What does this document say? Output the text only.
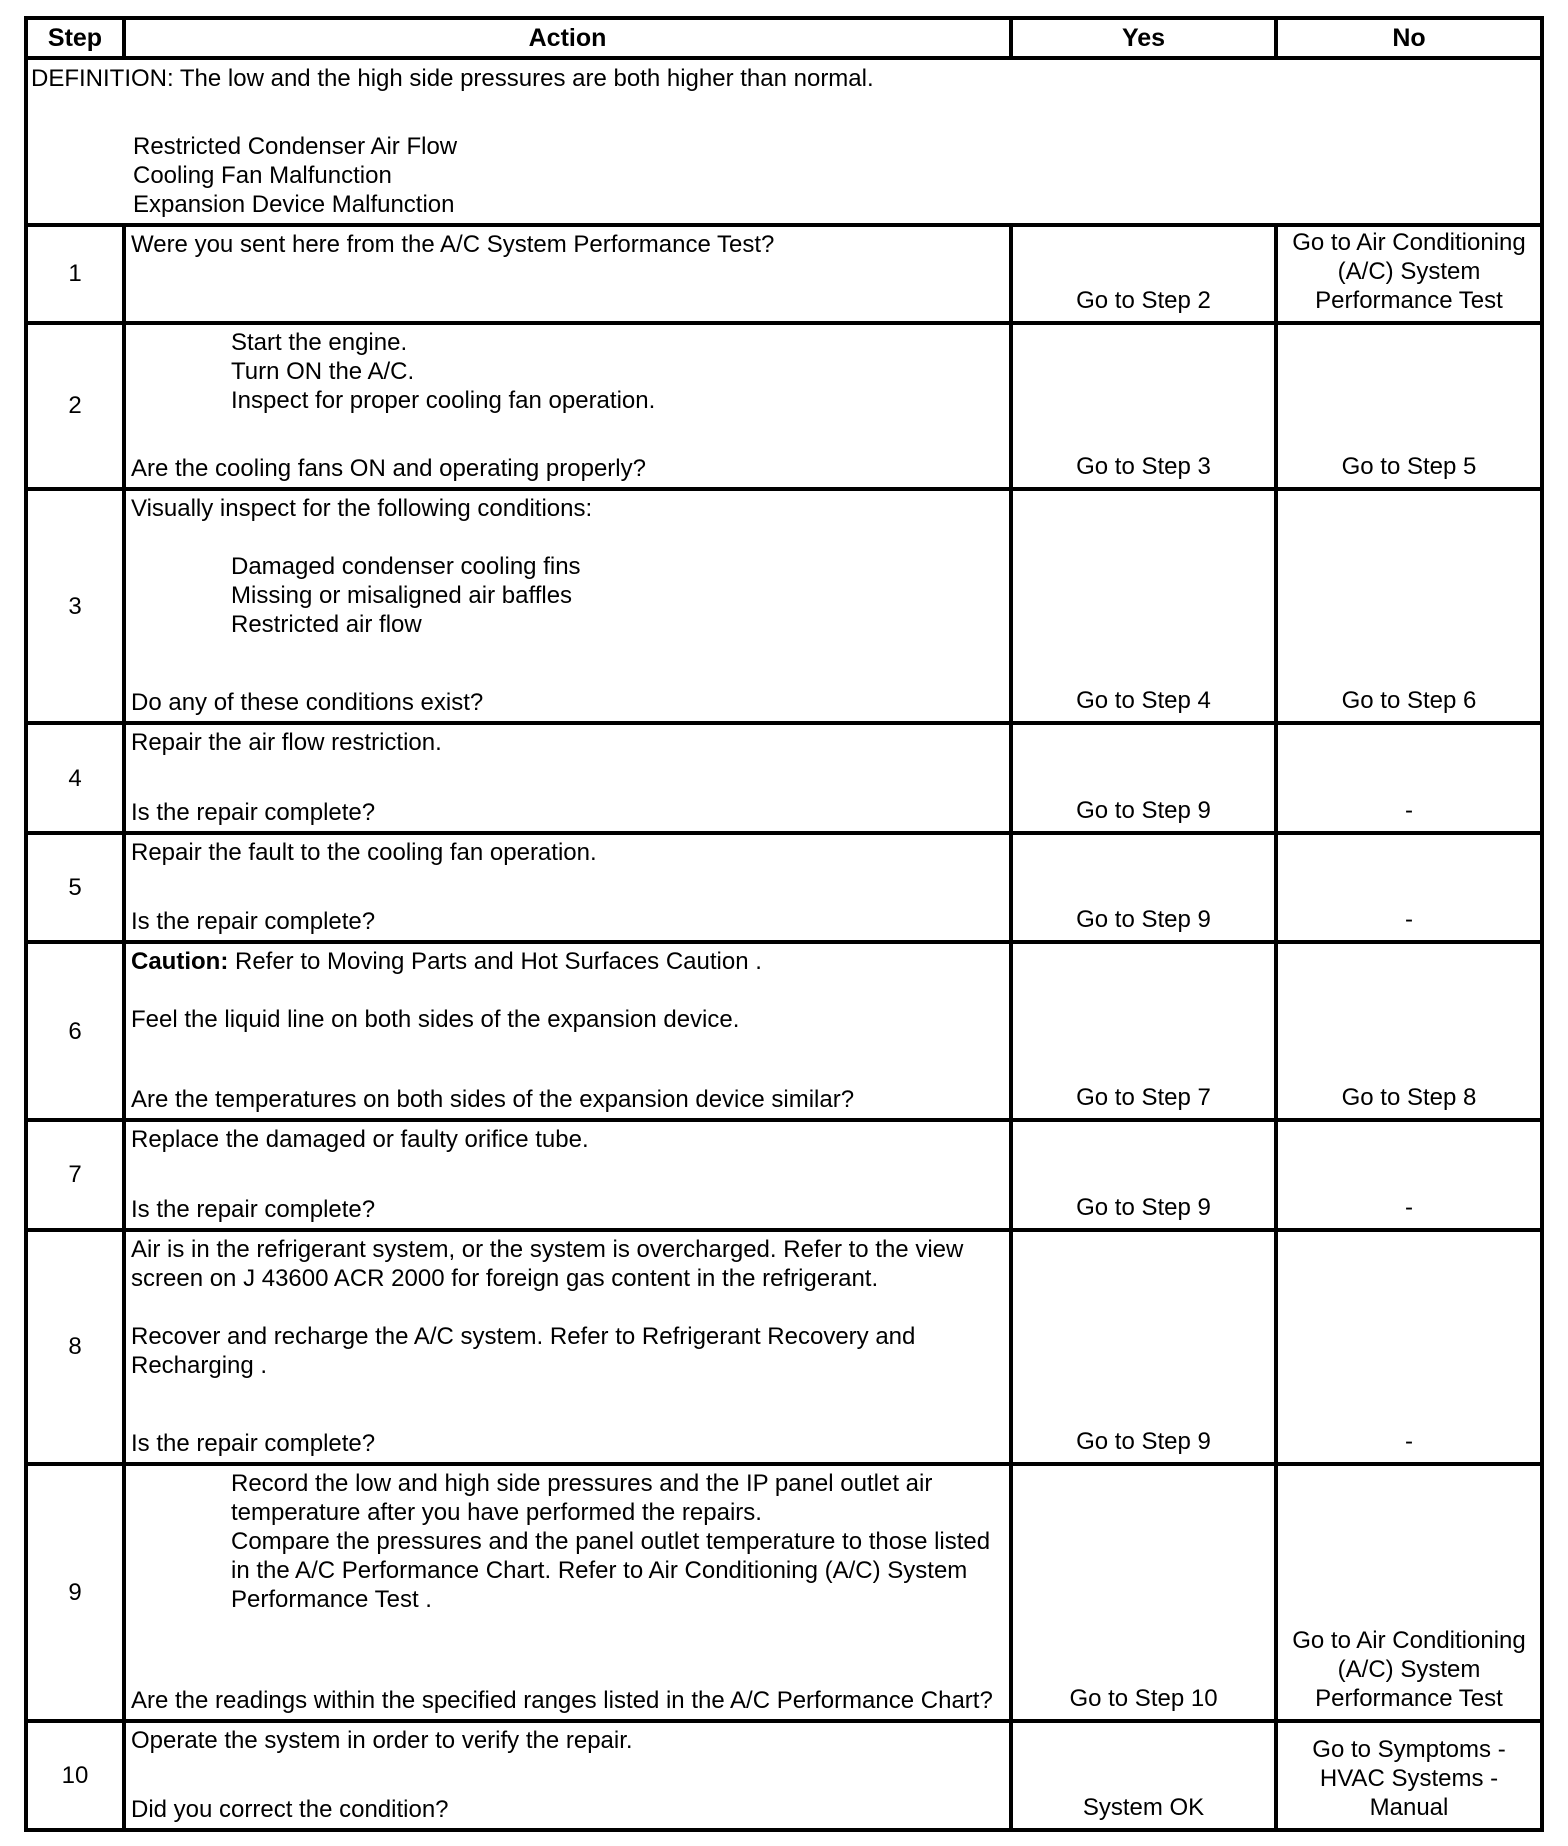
Step	Action	Yes	No
DEFINITION: The low and the high side pressures are both higher than normal.
Restricted Condenser Air Flow
Cooling Fan Malfunction
Expansion Device Malfunction			

1	Were you sent here from the A/C System Performance Test?	Go to Step 2	Go to Air Conditioning (A/C) System Performance Test
2	Start the engine.
Turn ON the A/C.
Inspect for proper cooling fan operation.
Are the cooling fans ON and operating properly?	Go to Step 3	Go to Step 5
3	Visually inspect for the following conditions:

Damaged condenser cooling fins
Missing or misaligned air baffles
Restricted air flow
Do any of these conditions exist?	Go to Step 4	Go to Step 6
4	Repair the air flow restriction.
Is the repair complete?	Go to Step 9	-
5	Repair the fault to the cooling fan operation.
Is the repair complete?	Go to Step 9	-
6	Caution: Refer to Moving Parts and Hot Surfaces Caution .

Feel the liquid line on both sides of the expansion device.
Are the temperatures on both sides of the expansion device similar?	Go to Step 7	Go to Step 8
7	Replace the damaged or faulty orifice tube.
Is the repair complete?	Go to Step 9	-
8	Air is in the refrigerant system, or the system is overcharged. Refer to the view screen on J 43600 ACR 2000 for foreign gas content in the refrigerant.

Recover and recharge the A/C system. Refer to Refrigerant Recovery and Recharging .
Is the repair complete?	Go to Step 9	-
9	Record the low and high side pressures and the IP panel outlet air temperature after you have performed the repairs.
Compare the pressures and the panel outlet temperature to those listed in the A/C Performance Chart. Refer to Air Conditioning (A/C) System Performance Test .
Are the readings within the specified ranges listed in the A/C Performance Chart?	Go to Step 10	Go to Air Conditioning (A/C) System Performance Test
10	Operate the system in order to verify the repair.
Did you correct the condition?	System OK	Go to Symptoms - HVAC Systems - Manual
